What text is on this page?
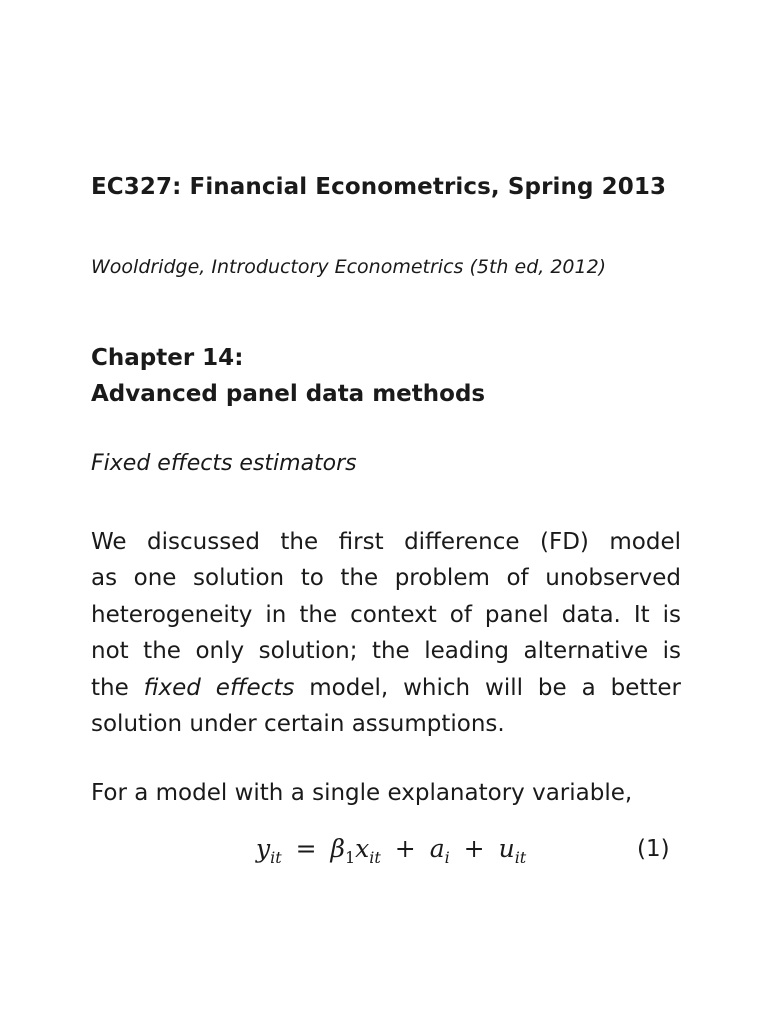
EC327: Financial Econometrics, Spring 2013
Wooldridge, Introductory Econometrics (5th ed, 2012)
Chapter 14:
Advanced panel data methods
Fixed effects estimators
We discussed the first difference (FD) model
as one solution to the problem of unobserved
heterogeneity in the context of panel data. It is
not the only solution; the leading alternative is
the fixed effects model, which will be a better
solution under certain assumptions.
For a model with a single explanatory variable,
$y_{it} = \beta_1x_{it} + a_i + u_{it}$	(1)
